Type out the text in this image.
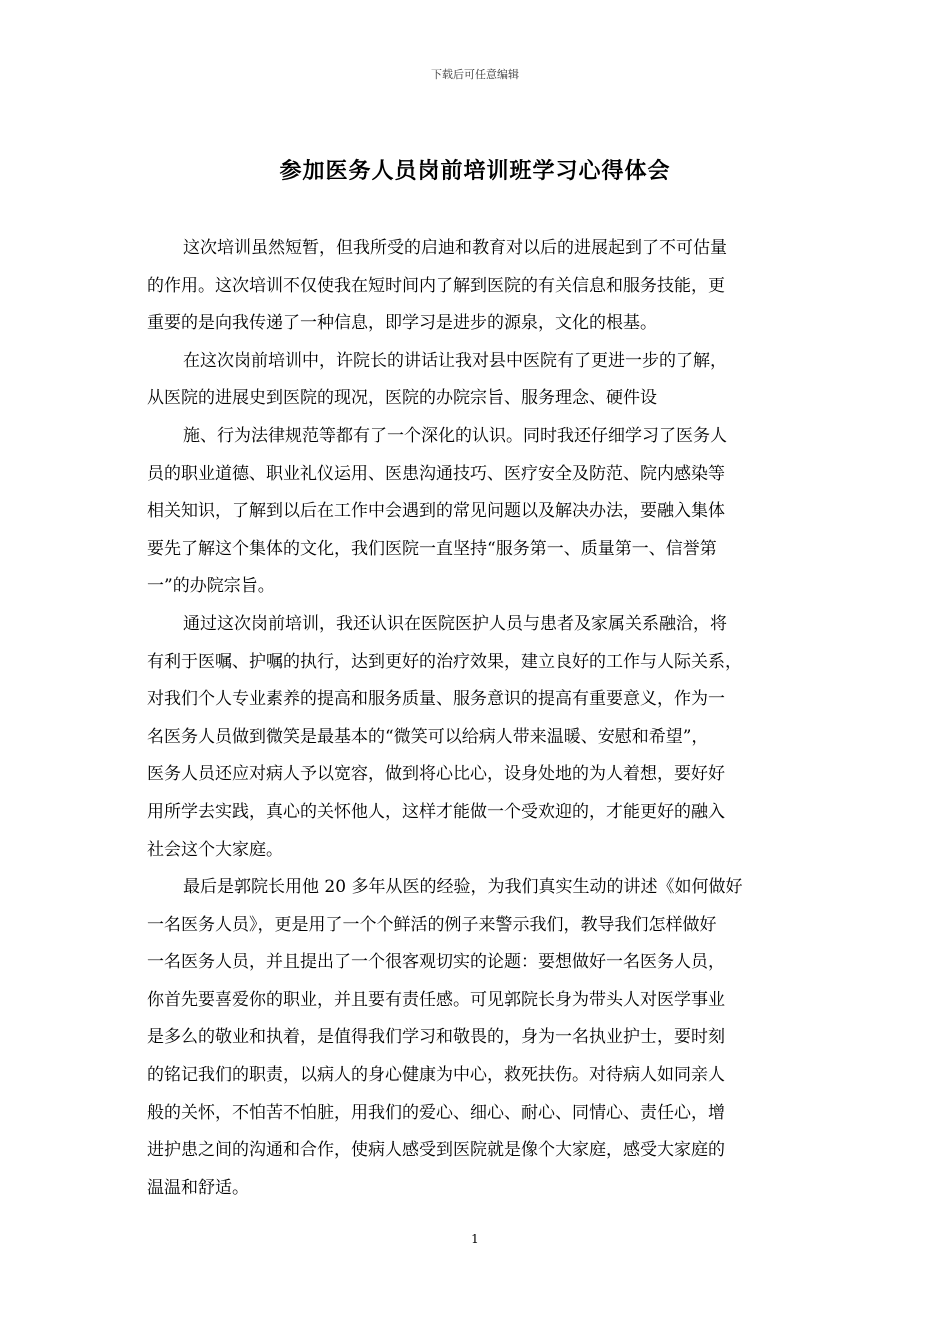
下载后可任意编辑
参加医务人员岗前培训班学习心得体会
这次培训虽然短暂，但我所受的启迪和教育对以后的进展起到了不可估量
的作用。这次培训不仅使我在短时间内了解到医院的有关信息和服务技能，更
重要的是向我传递了一种信息，即学习是进步的源泉，文化的根基。
在这次岗前培训中，许院长的讲话让我对县中医院有了更进一步的了解，
从医院的进展史到医院的现况，医院的办院宗旨、服务理念、硬件设
施、行为法律规范等都有了一个深化的认识。同时我还仔细学习了医务人
员的职业道德、职业礼仪运用、医患沟通技巧、医疗安全及防范、院内感染等
相关知识，了解到以后在工作中会遇到的常见问题以及解决办法，要融入集体
要先了解这个集体的文化，我们医院一直坚持“服务第一、质量第一、信誉第
一”的办院宗旨。
通过这次岗前培训，我还认识在医院医护人员与患者及家属关系融洽，将
有利于医嘱、护嘱的执行，达到更好的治疗效果，建立良好的工作与人际关系，
对我们个人专业素养的提高和服务质量、服务意识的提高有重要意义，作为一
名医务人员做到微笑是最基本的“微笑可以给病人带来温暖、安慰和希望”，
医务人员还应对病人予以宽容，做到将心比心，设身处地的为人着想，要好好
用所学去实践，真心的关怀他人，这样才能做一个受欢迎的，才能更好的融入
社会这个大家庭。
最后是郭院长用他 20 多年从医的经验，为我们真实生动的讲述《如何做好
一名医务人员》，更是用了一个个鲜活的例子来警示我们，教导我们怎样做好
一名医务人员，并且提出了一个很客观切实的论题：要想做好一名医务人员，
你首先要喜爱你的职业，并且要有责任感。可见郭院长身为带头人对医学事业
是多么的敬业和执着，是值得我们学习和敬畏的，身为一名执业护士，要时刻
的铭记我们的职责，以病人的身心健康为中心，救死扶伤。对待病人如同亲人
般的关怀，不怕苦不怕脏，用我们的爱心、细心、耐心、同情心、责任心，增
进护患之间的沟通和合作，使病人感受到医院就是像个大家庭，感受大家庭的
温温和舒适。
1
